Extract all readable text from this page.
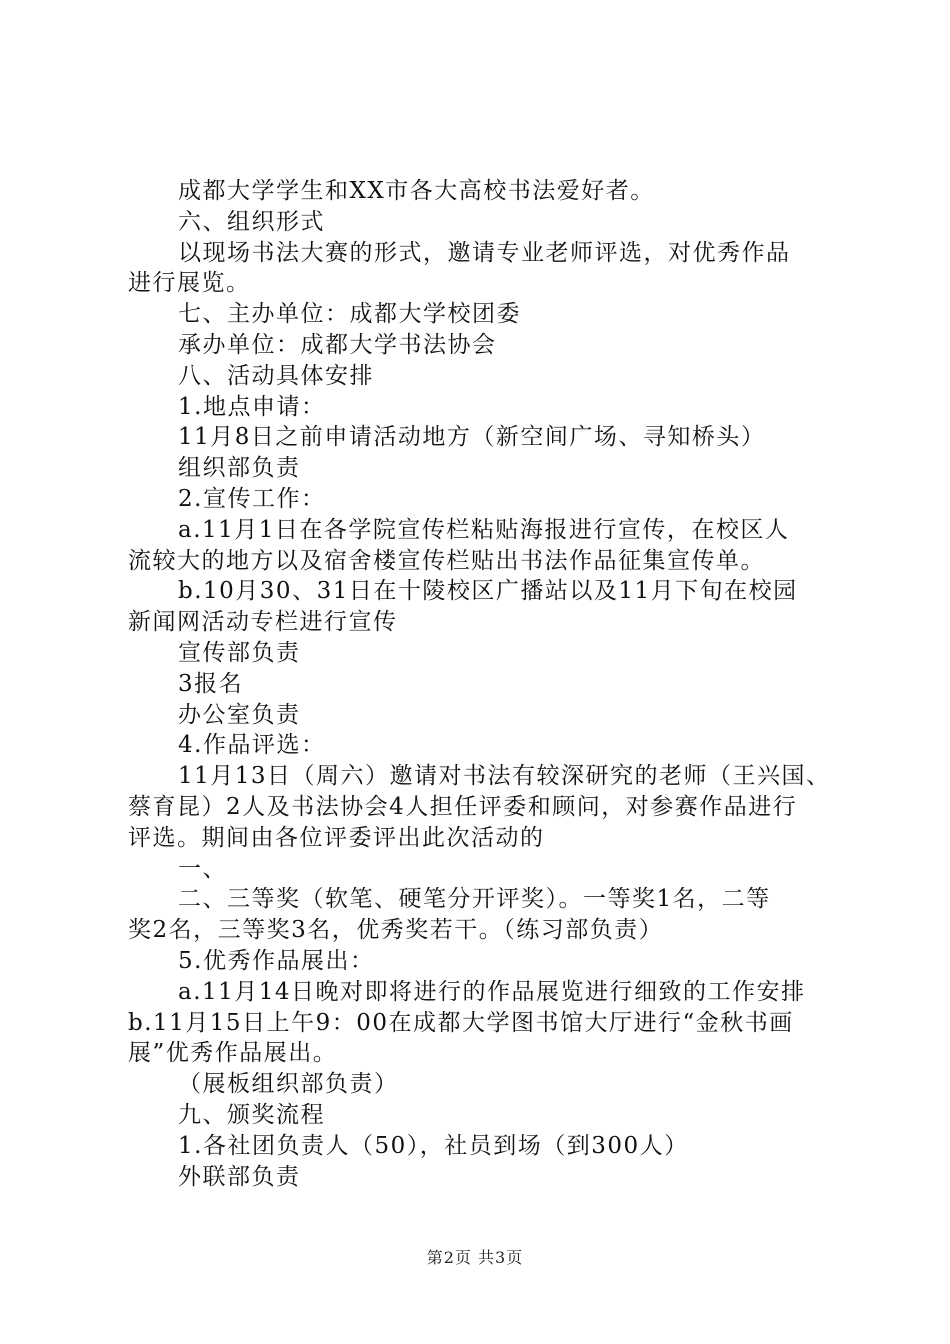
成都大学学生和XX市各大高校书法爱好者。

六、组织形式

以现场书法大赛的形式，邀请专业老师评选，对优秀作品

进行展览。

七、主办单位：成都大学校团委

承办单位：成都大学书法协会

八、活动具体安排

1.地点申请：

11月8日之前申请活动地方（新空间广场、寻知桥头）

组织部负责

2.宣传工作：

a.11月1日在各学院宣传栏粘贴海报进行宣传，在校区人

流较大的地方以及宿舍楼宣传栏贴出书法作品征集宣传单。

b.10月30、31日在十陵校区广播站以及11月下旬在校园

新闻网活动专栏进行宣传

宣传部负责

3报名

办公室负责

4.作品评选：

11月13日（周六）邀请对书法有较深研究的老师（王兴国、

蔡育昆）2人及书法协会4人担任评委和顾问，对参赛作品进行

评选。期间由各位评委评出此次活动的

一、

二、三等奖（软笔、硬笔分开评奖）。一等奖1名，二等

奖2名，三等奖3名，优秀奖若干。（练习部负责）

5.优秀作品展出：

a.11月14日晚对即将进行的作品展览进行细致的工作安排

b.11月15日上午9：00在成都大学图书馆大厅进行“金秋书画

展”优秀作品展出。

（展板组织部负责）

九、颁奖流程

1.各社团负责人（50），社员到场（到300人）

外联部负责

第2页 共3页
